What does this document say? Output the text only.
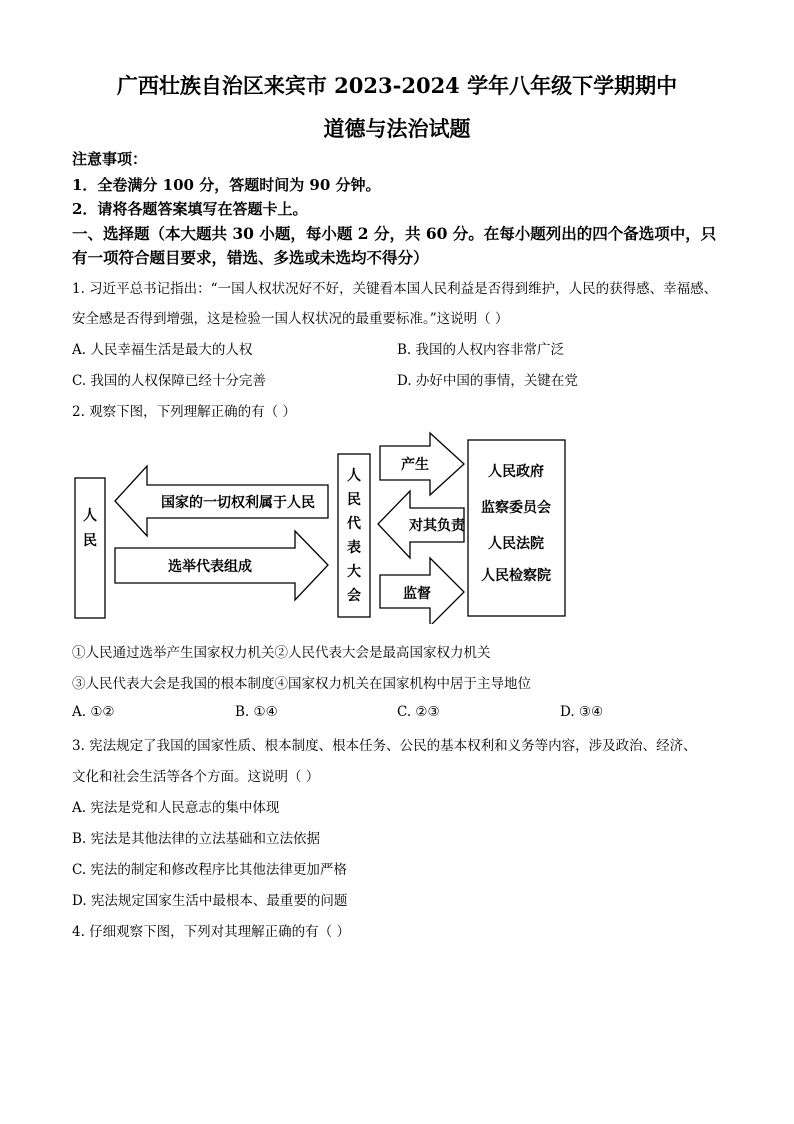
广西壮族自治区来宾市 2023-2024 学年八年级下学期期中
道德与法治试题
注意事项：
1．全卷满分 100 分，答题时间为 90 分钟。
2．请将各题答案填写在答题卡上。
一、选择题（本大题共 30 小题，每小题 2 分，共 60 分。在每小题列出的四个备选项中，只
有一项符合题目要求，错选、多选或未选均不得分）
1. 习近平总书记指出：“一国人权状况好不好，关键看本国人民利益是否得到维护，人民的获得感、幸福感、
安全感是否得到增强，这是检验一国人权状况的最重要标准。”这说明（ ）
A. 人民幸福生活是最大的人权	B. 我国的人权内容非常广泛
C. 我国的人权保障已经十分完善	D. 办好中国的事情，关键在党
2. 观察下图，下列理解正确的有（ ）
人
民
国家的一切权利属于人民
选举代表组成
人
民
代
表
大
会
产生
对其负责
监督
人民政府
监察委员会
人民法院
人民检察院
①人民通过选举产生国家权力机关②人民代表大会是最高国家权力机关
③人民代表大会是我国的根本制度④国家权力机关在国家机构中居于主导地位
A. ①②	B. ①④	C. ②③	D. ③④
3. 宪法规定了我国的国家性质、根本制度、根本任务、公民的基本权利和义务等内容，涉及政治、经济、
文化和社会生活等各个方面。这说明（ ）
A. 宪法是党和人民意志的集中体现
B. 宪法是其他法律的立法基础和立法依据
C. 宪法的制定和修改程序比其他法律更加严格
D. 宪法规定国家生活中最根本、最重要的问题
4. 仔细观察下图，下列对其理解正确的有（ ）
